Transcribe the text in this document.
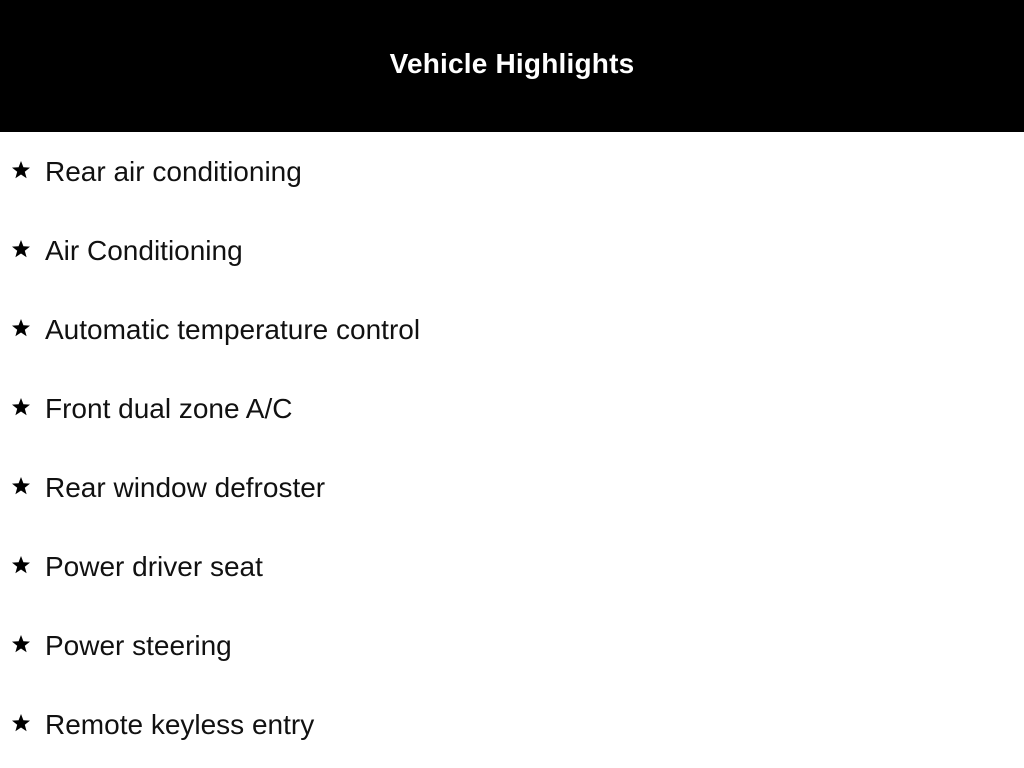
Vehicle Highlights
Rear air conditioning
Air Conditioning
Automatic temperature control
Front dual zone A/C
Rear window defroster
Power driver seat
Power steering
Remote keyless entry
